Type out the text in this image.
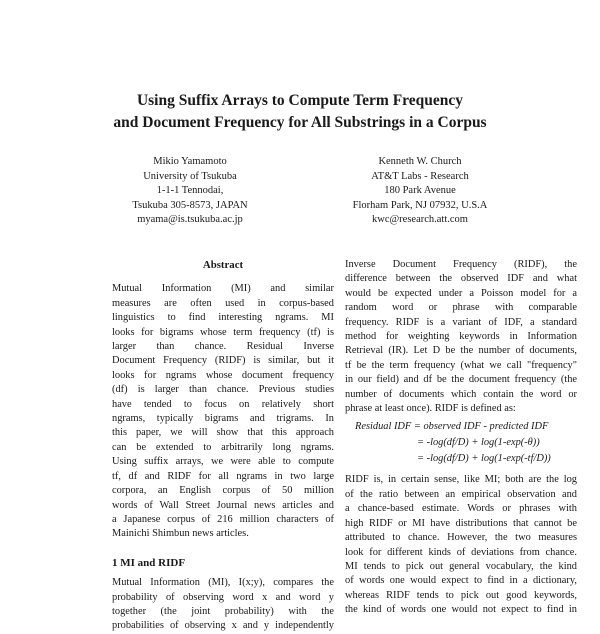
Using Suffix Arrays to Compute Term Frequency
and Document Frequency for All Substrings in a Corpus
Mikio Yamamoto
University of Tsukuba
1-1-1 Tennodai,
Tsukuba 305-8573, JAPAN
myama@is.tsukuba.ac.jp
Kenneth W. Church
AT&T Labs - Research
180 Park Avenue
Florham Park, NJ 07932, U.S.A
kwc@research.att.com
Abstract
Mutual Information (MI) and similar
measures are often used in corpus-based
linguistics to find interesting ngrams. MI
looks for bigrams whose term frequency (tf) is
larger than chance. Residual Inverse
Document Frequency (RIDF) is similar, but it
looks for ngrams whose document frequency
(df) is larger than chance. Previous studies
have tended to focus on relatively short
ngrams, typically bigrams and trigrams. In
this paper, we will show that this approach
can be extended to arbitrarily long ngrams.
Using suffix arrays, we were able to compute
tf, df and RIDF for all ngrams in two large
corpora, an English corpus of 50 million
words of Wall Street Journal news articles and
a Japanese corpus of 216 million characters of
Mainichi Shimbun news articles.
1 MI and RIDF
Mutual Information (MI), I(x;y), compares the
probability of observing word x and word y
together (the joint probability) with the
probabilities of observing x and y independently
Inverse Document Frequency (RIDF), the
difference between the observed IDF and what
would be expected under a Poisson model for a
random word or phrase with comparable
frequency. RIDF is a variant of IDF, a standard
method for weighting keywords in Information
Retrieval (IR). Let D be the number of documents,
tf be the term frequency (what we call "frequency"
in our field) and df be the document frequency (the
number of documents which contain the word or
phrase at least once). RIDF is defined as:
Residual IDF = observed IDF - predicted IDF
= -log(df/D) + log(1-exp(-θ))
= -log(df/D) + log(1-exp(-tf/D))
RIDF is, in certain sense, like MI; both are the log
of the ratio between an empirical observation and
a chance-based estimate. Words or phrases with
high RIDF or MI have distributions that cannot be
attributed to chance. However, the two measures
look for different kinds of deviations from chance.
MI tends to pick out general vocabulary, the kind
of words one would expect to find in a dictionary,
whereas RIDF tends to pick out good keywords,
the kind of words one would not expect to find in
